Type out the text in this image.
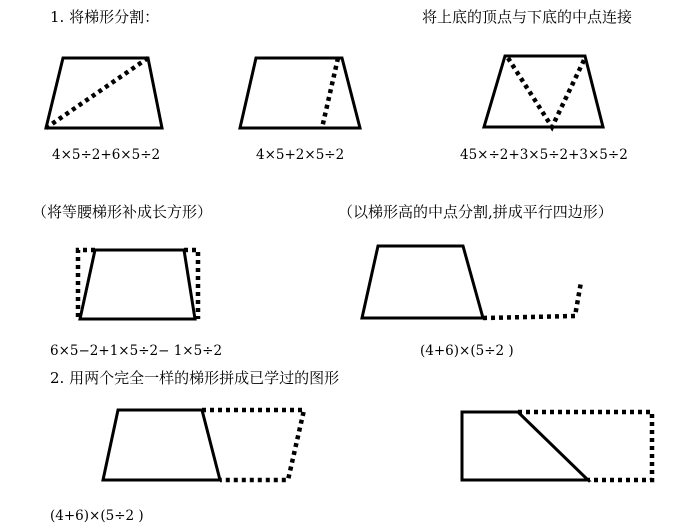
1. 将梯形分割：	将上底的顶点与下底的中点连接
4×5÷2+6×5÷2	4×5+2×5÷2	45×÷2+3×5÷2+3×5÷2
（将等腰梯形补成长方形）	（以梯形高的中点分割,拼成平行四边形）
6×5−2+1×5÷2− 1×5÷2	(4+6)×(5÷2 )
2. 用两个完全一样的梯形拼成已学过的图形
(4+6)×(5÷2 )
